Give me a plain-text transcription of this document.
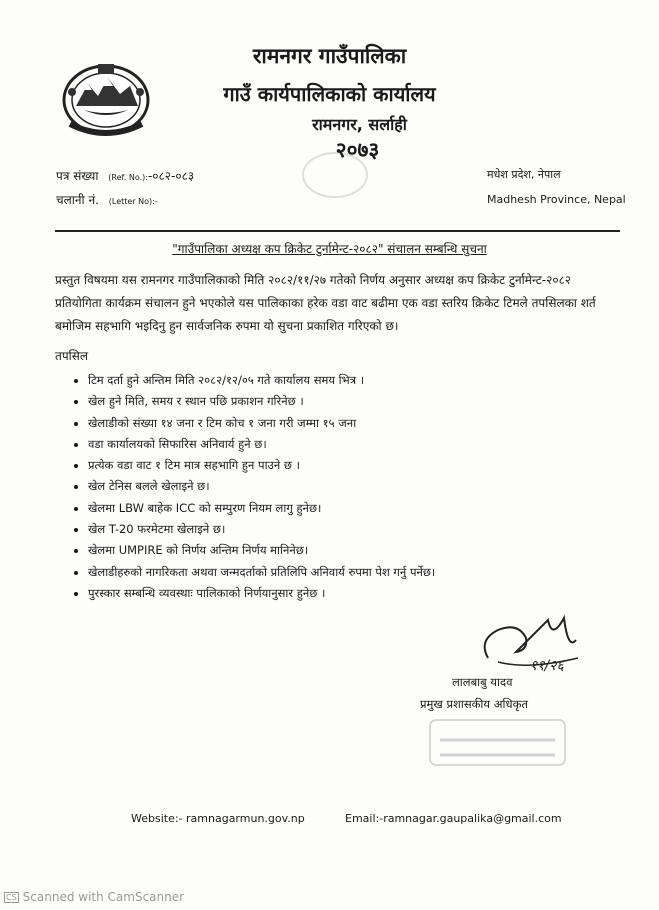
रामनगर गाउँपालिका
गाउँ कार्यपालिकाको कार्यालय
रामनगर, सर्लाही
२०७३
पत्र संख्या (Ref. No.):-०८२-०८३
चलानी नं. (Letter No):-
मधेश प्रदेश, नेपाल
Madhesh Province, Nepal
"गाउँपालिका अध्यक्ष कप क्रिकेट टुर्नामेन्ट-२०८२" संचालन सम्बन्धि सुचना
प्रस्तुत विषयमा यस रामनगर गाउँपालिकाको मिति २०८२/११/२७ गतेको निर्णय अनुसार अध्यक्ष कप क्रिकेट टुर्नामेन्ट-२०८२ प्रतियोगिता कार्यक्रम संचालन हुने भएकोले यस पालिकाका हरेक वडा वाट बढीमा एक वडा स्तरिय क्रिकेट टिमले तपसिलका शर्त बमोजिम सहभागि भइदिनु हुन सार्वजनिक रुपमा यो सुचना प्रकाशित गरिएको छ।
तपसिल
• टिम दर्ता हुने अन्तिम मिति २०८२/१२/०५ गते कार्यालय समय भित्र ।
• खेल हुने मिति, समय र स्थान पछि प्रकाशन गरिनेछ ।
• खेलाडीको संख्या १४ जना र टिम कोच १ जना गरी जम्मा १५ जना
• वडा कार्यालयको सिफारिस अनिवार्य हुने छ।
• प्रत्येक वडा वाट १ टिम मात्र सहभागि हुन पाउने छ ।
• खेल टेनिस बलले खेलाइने छ।
• खेलमा LBW बाहेक ICC को सम्पुरण नियम लागु हुनेछ।
• खेल T-20 फरमेटमा खेलाइने छ।
• खेलमा UMPIRE को निर्णय अन्तिम निर्णय मानिनेछ।
• खेलाडीहरुको नागरिकता अथवा जन्मदर्ताको प्रतिलिपि अनिवार्य रुपमा पेश गर्नु पर्नेछ।
• पुरस्कार सम्बन्धि व्यवस्थाः पालिकाको निर्णयानुसार हुनेछ ।
११/२६
लालबाबु यादव
प्रमुख प्रशासकीय अधिकृत
Website:- ramnagarmun.gov.np	Email:-ramnagar.gaupalika@gmail.com
CS Scanned with CamScanner
